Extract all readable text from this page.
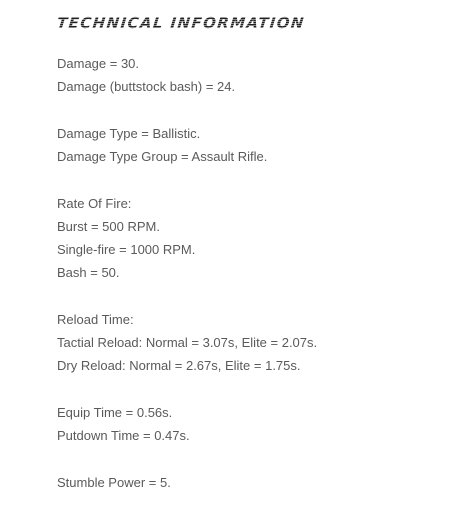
TECHNICAL INFORMATION
Damage = 30.
Damage (buttstock bash) = 24.
Damage Type = Ballistic.
Damage Type Group = Assault Rifle.
Rate Of Fire:
Burst = 500 RPM.
Single-fire = 1000 RPM.
Bash = 50.
Reload Time:
Tactial Reload: Normal = 3.07s, Elite = 2.07s.
Dry Reload: Normal = 2.67s, Elite = 1.75s.
Equip Time = 0.56s.
Putdown Time = 0.47s.
Stumble Power = 5.
